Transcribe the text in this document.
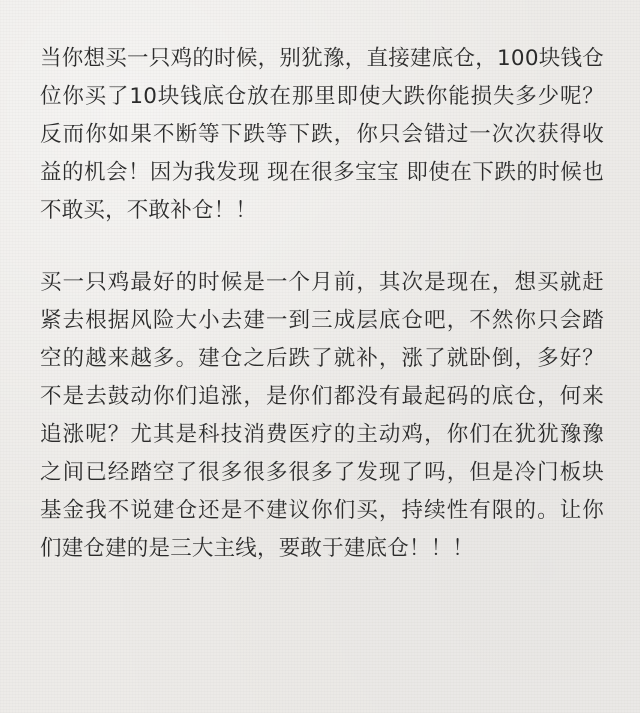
当你想买一只鸡的时候，别犹豫，直接建底仓，100块钱仓位你买了10块钱底仓放在那里即使大跌你能损失多少呢？反而你如果不断等下跌等下跌，你只会错过一次次获得收益的机会！因为我发现 现在很多宝宝 即使在下跌的时候也不敢买，不敢补仓！！

买一只鸡最好的时候是一个月前，其次是现在，想买就赶紧去根据风险大小去建一到三成层底仓吧，不然你只会踏空的越来越多。建仓之后跌了就补，涨了就卧倒，多好？不是去鼓动你们追涨，是你们都没有最起码的底仓，何来追涨呢？尤其是科技消费医疗的主动鸡，你们在犹犹豫豫之间已经踏空了很多很多很多了发现了吗，但是冷门板块基金我不说建仓还是不建议你们买，持续性有限的。让你们建仓建的是三大主线，要敢于建底仓！！！
